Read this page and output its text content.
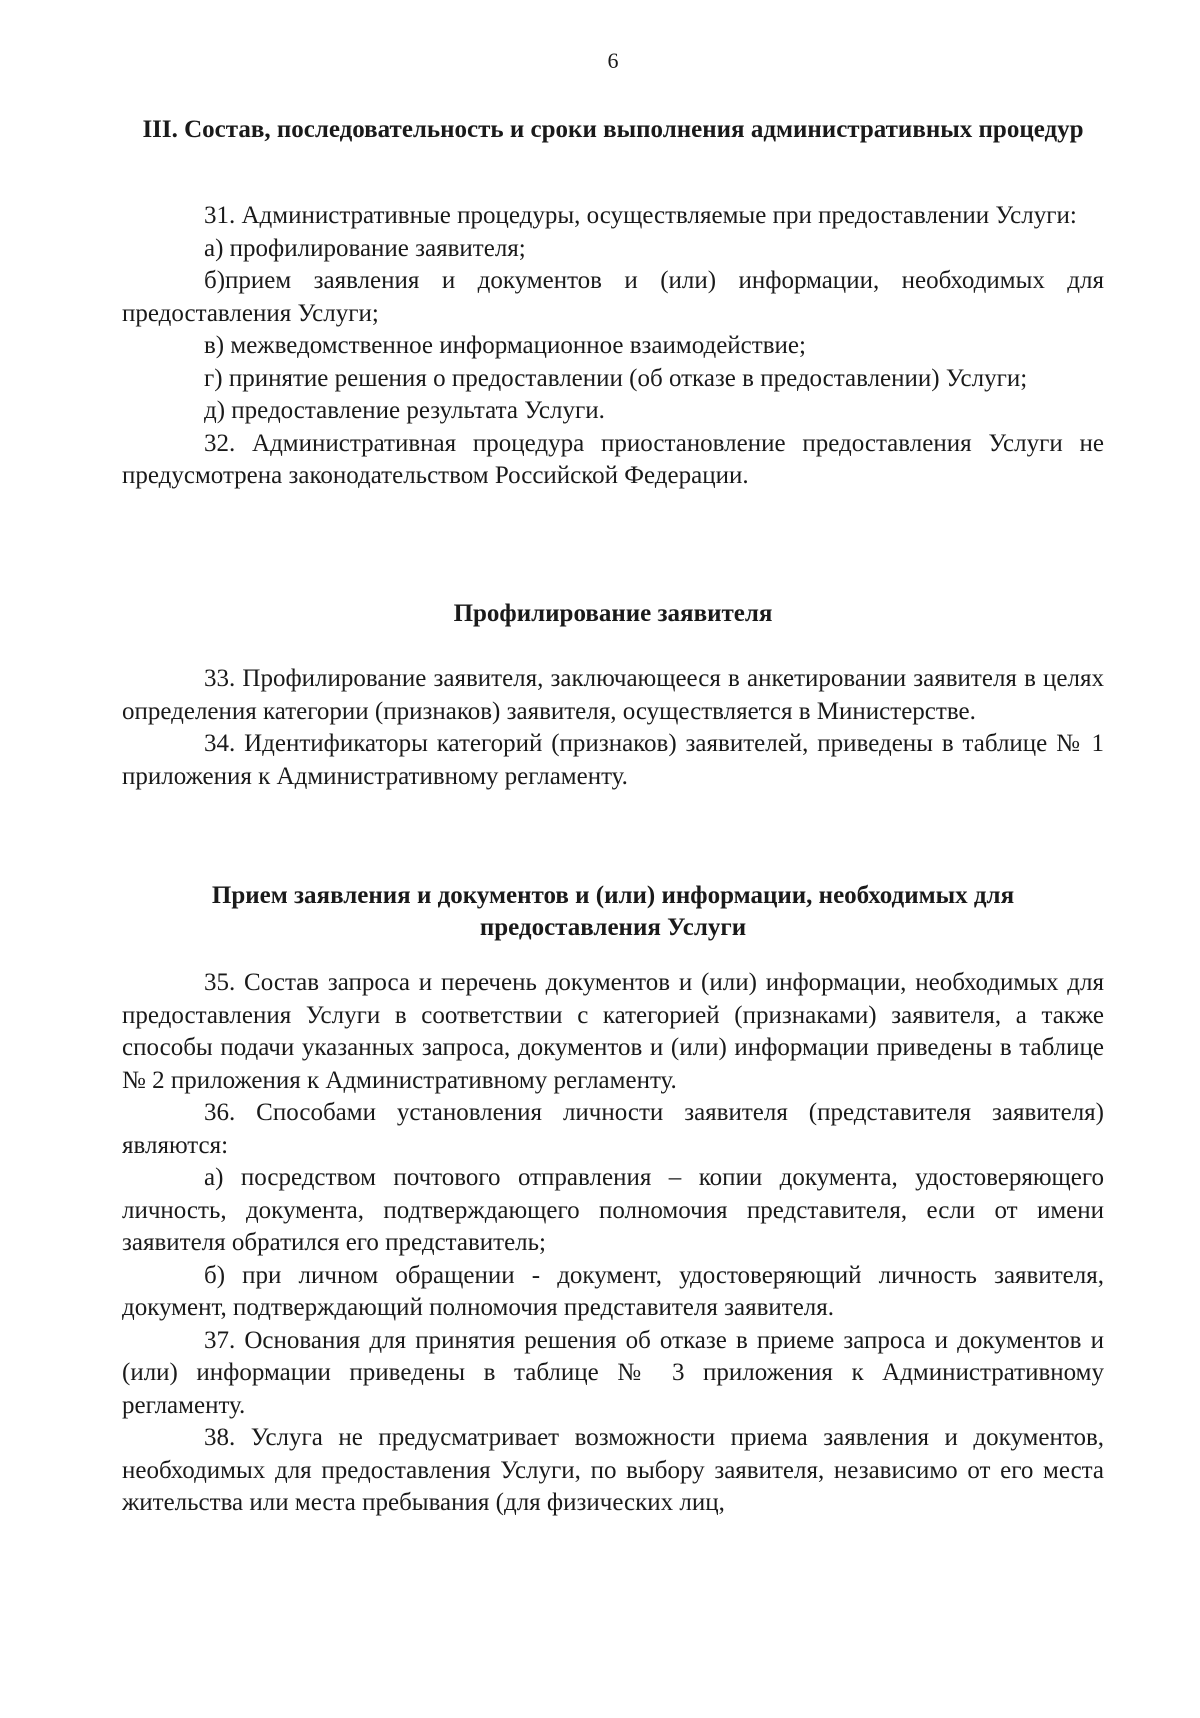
6
III. Состав, последовательность и сроки выполнения административных процедур

31. Административные процедуры, осуществляемые при предоставлении Услуги:

а) профилирование заявителя;

б)прием заявления и документов и (или) информации, необходимых для предоставления Услуги;

в) межведомственное информационное взаимодействие;

г) принятие решения о предоставлении (об отказе в предоставлении) Услуги;

д) предоставление результата Услуги.

32. Административная процедура приостановление предоставления Услуги не предусмотрена законодательством Российской Федерации.

Профилирование заявителя

33. Профилирование заявителя, заключающееся в анкетировании заявителя в целях определения категории (признаков) заявителя, осуществляется в Министерстве.

34. Идентификаторы категорий (признаков) заявителей, приведены в таблице № 1 приложения к Административному регламенту.

Прием заявления и документов и (или) информации, необходимых для предоставления Услуги

35. Состав запроса и перечень документов и (или) информации, необходимых для предоставления Услуги в соответствии с категорией (признаками) заявителя, а также способы подачи указанных запроса, документов и (или) информации приведены в таблице № 2 приложения к Административному регламенту.

36. Способами установления личности заявителя (представителя заявителя) являются:

а) посредством почтового отправления – копии документа, удостоверяющего личность, документа, подтверждающего полномочия представителя, если от имени заявителя обратился его представитель;

б) при личном обращении - документ, удостоверяющий личность заявителя, документ, подтверждающий полномочия представителя заявителя.

37. Основания для принятия решения об отказе в приеме запроса и документов и (или) информации приведены в таблице № 3 приложения к Административному регламенту.

38. Услуга не предусматривает возможности приема заявления и документов, необходимых для предоставления Услуги, по выбору заявителя, независимо от его места жительства или места пребывания (для физических лиц,
